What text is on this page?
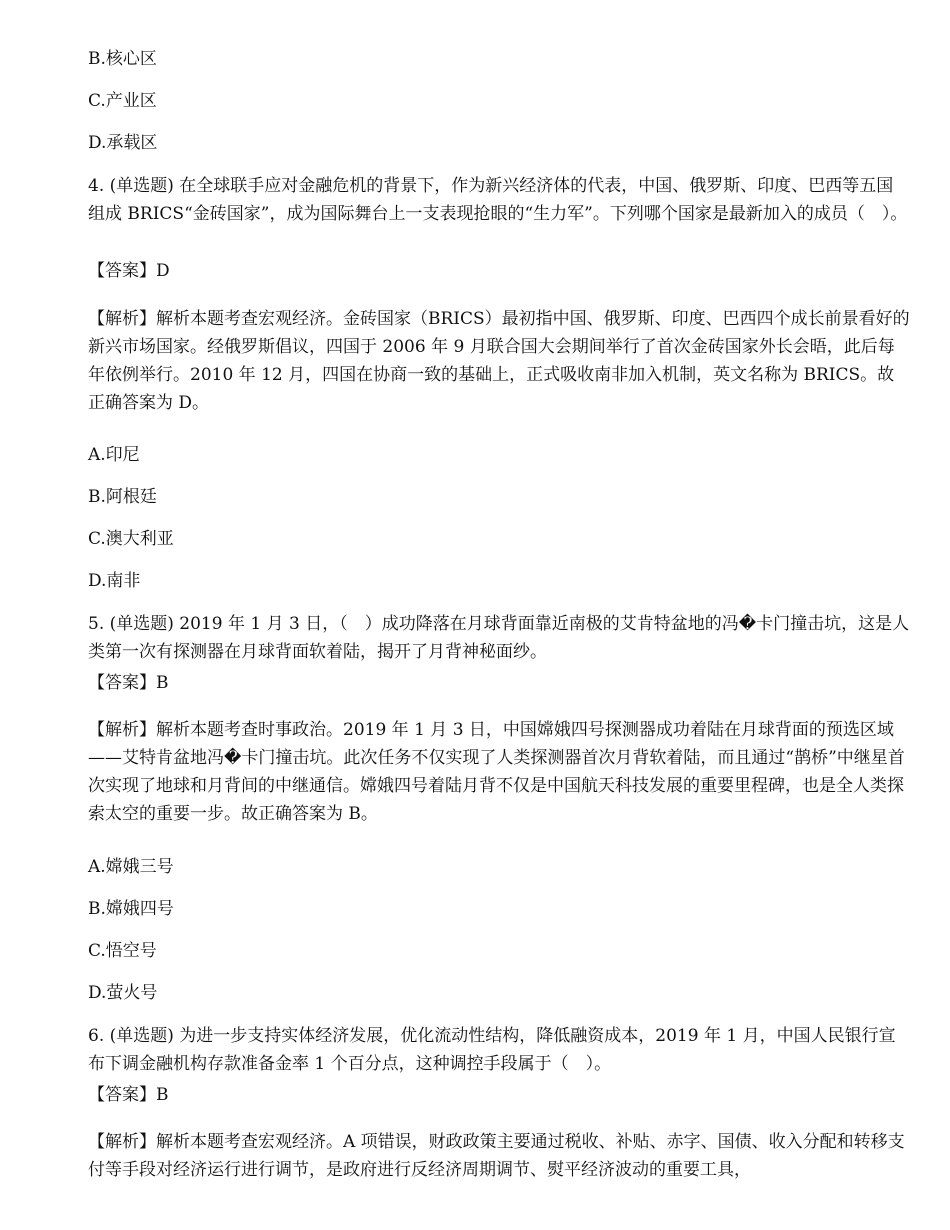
B.核心区
C.产业区
D.承载区
4. (单选题) 在全球联手应对金融危机的背景下，作为新兴经济体的代表，中国、俄罗斯、印度、巴西等五国组成 BRICS“金砖国家”，成为国际舞台上一支表现抢眼的“生力军”。下列哪个国家是最新加入的成员（　）。
【答案】D
【解析】解析本题考查宏观经济。金砖国家（BRICS）最初指中国、俄罗斯、印度、巴西四个成长前景看好的新兴市场国家。经俄罗斯倡议，四国于 2006 年 9 月联合国大会期间举行了首次金砖国家外长会晤，此后每年依例举行。2010 年 12 月，四国在协商一致的基础上，正式吸收南非加入机制，英文名称为 BRICS。故正确答案为 D。
A.印尼
B.阿根廷
C.澳大利亚
D.南非
5. (单选题) 2019 年 1 月 3 日，（　）成功降落在月球背面靠近南极的艾肯特盆地的冯�卡门撞击坑，这是人类第一次有探测器在月球背面软着陆，揭开了月背神秘面纱。
【答案】B
【解析】解析本题考查时事政治。2019 年 1 月 3 日，中国嫦娥四号探测器成功着陆在月球背面的预选区域——艾特肯盆地冯�卡门撞击坑。此次任务不仅实现了人类探测器首次月背软着陆，而且通过“鹊桥”中继星首次实现了地球和月背间的中继通信。嫦娥四号着陆月背不仅是中国航天科技发展的重要里程碑，也是全人类探索太空的重要一步。故正确答案为 B。
A.嫦娥三号
B.嫦娥四号
C.悟空号
D.萤火号
6. (单选题) 为进一步支持实体经济发展，优化流动性结构，降低融资成本，2019 年 1 月，中国人民银行宣布下调金融机构存款准备金率 1 个百分点，这种调控手段属于（　）。
【答案】B
【解析】解析本题考查宏观经济。A 项错误，财政政策主要通过税收、补贴、赤字、国债、收入分配和转移支付等手段对经济运行进行调节，是政府进行反经济周期调节、熨平经济波动的重要工具，
